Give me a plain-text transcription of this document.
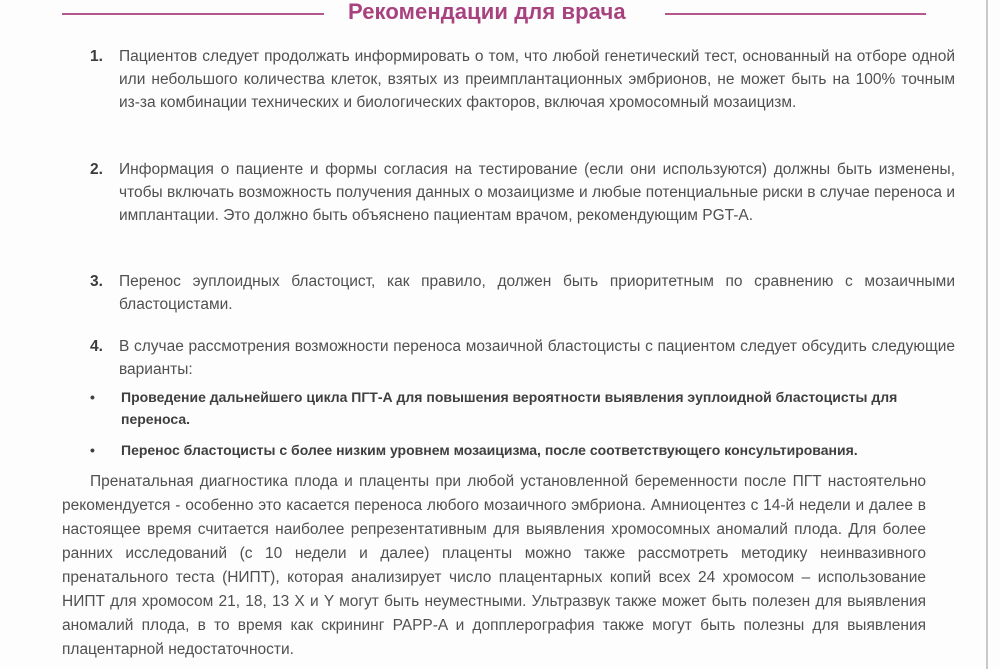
Рекомендации для врача
1. Пациентов следует продолжать информировать о том, что любой генетический тест, основанный на отборе одной или небольшого количества клеток, взятых из преимплантационных эмбрионов, не может быть на 100% точным из-за комбинации технических и биологических факторов, включая хромосомный мозаицизм.
2. Информация о пациенте и формы согласия на тестирование (если они используются) должны быть изменены, чтобы включать возможность получения данных о мозаицизме и любые потенциальные риски в случае переноса и имплантации. Это должно быть объяснено пациентам врачом, рекомендующим PGT-A.
3. Перенос эуплоидных бластоцист, как правило, должен быть приоритетным по сравнению с мозаичными бластоцистами.
4. В случае рассмотрения возможности переноса мозаичной бластоцисты с пациентом следует обсудить следующие варианты:
• Проведение дальнейшего цикла ПГТ-А для повышения вероятности выявления эуплоидной бластоцисты для переноса.
• Перенос бластоцисты с более низким уровнем мозаицизма, после соответствующего консультирования.
Пренатальная диагностика плода и плаценты при любой установленной беременности после ПГТ настоятельно рекомендуется - особенно это касается переноса любого мозаичного эмбриона. Амниоцентез с 14-й недели и далее в настоящее время считается наиболее репрезентативным для выявления хромосомных аномалий плода. Для более ранних исследований (с 10 недели и далее) плаценты можно также рассмотреть методику неинвазивного пренатального теста (НИПТ), которая анализирует число плацентарных копий всех 24 хромосом – использование НИПТ для хромосом 21, 18, 13 X и Y могут быть неуместными. Ультразвук также может быть полезен для выявления аномалий плода, в то время как скрининг PAPP-A и допплерография также могут быть полезны для выявления плацентарной недостаточности.
